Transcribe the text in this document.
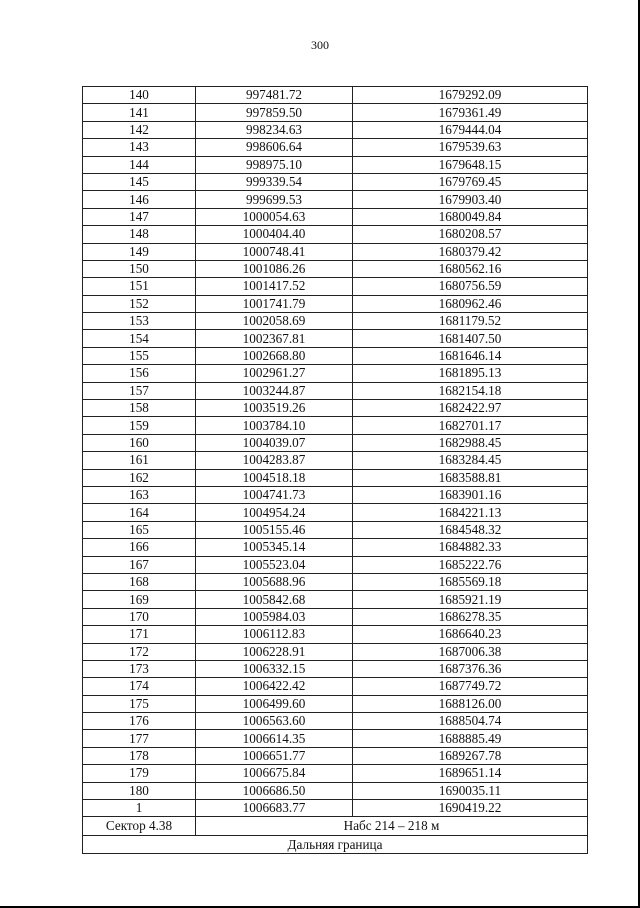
300
140	997481.72	1679292.09
141	997859.50	1679361.49
142	998234.63	1679444.04
143	998606.64	1679539.63
144	998975.10	1679648.15
145	999339.54	1679769.45
146	999699.53	1679903.40
147	1000054.63	1680049.84
148	1000404.40	1680208.57
149	1000748.41	1680379.42
150	1001086.26	1680562.16
151	1001417.52	1680756.59
152	1001741.79	1680962.46
153	1002058.69	1681179.52
154	1002367.81	1681407.50
155	1002668.80	1681646.14
156	1002961.27	1681895.13
157	1003244.87	1682154.18
158	1003519.26	1682422.97
159	1003784.10	1682701.17
160	1004039.07	1682988.45
161	1004283.87	1683284.45
162	1004518.18	1683588.81
163	1004741.73	1683901.16
164	1004954.24	1684221.13
165	1005155.46	1684548.32
166	1005345.14	1684882.33
167	1005523.04	1685222.76
168	1005688.96	1685569.18
169	1005842.68	1685921.19
170	1005984.03	1686278.35
171	1006112.83	1686640.23
172	1006228.91	1687006.38
173	1006332.15	1687376.36
174	1006422.42	1687749.72
175	1006499.60	1688126.00
176	1006563.60	1688504.74
177	1006614.35	1688885.49
178	1006651.77	1689267.78
179	1006675.84	1689651.14
180	1006686.50	1690035.11
1	1006683.77	1690419.22
Сектор 4.38	Набс 214 – 218 м	
Дальняя граница		
